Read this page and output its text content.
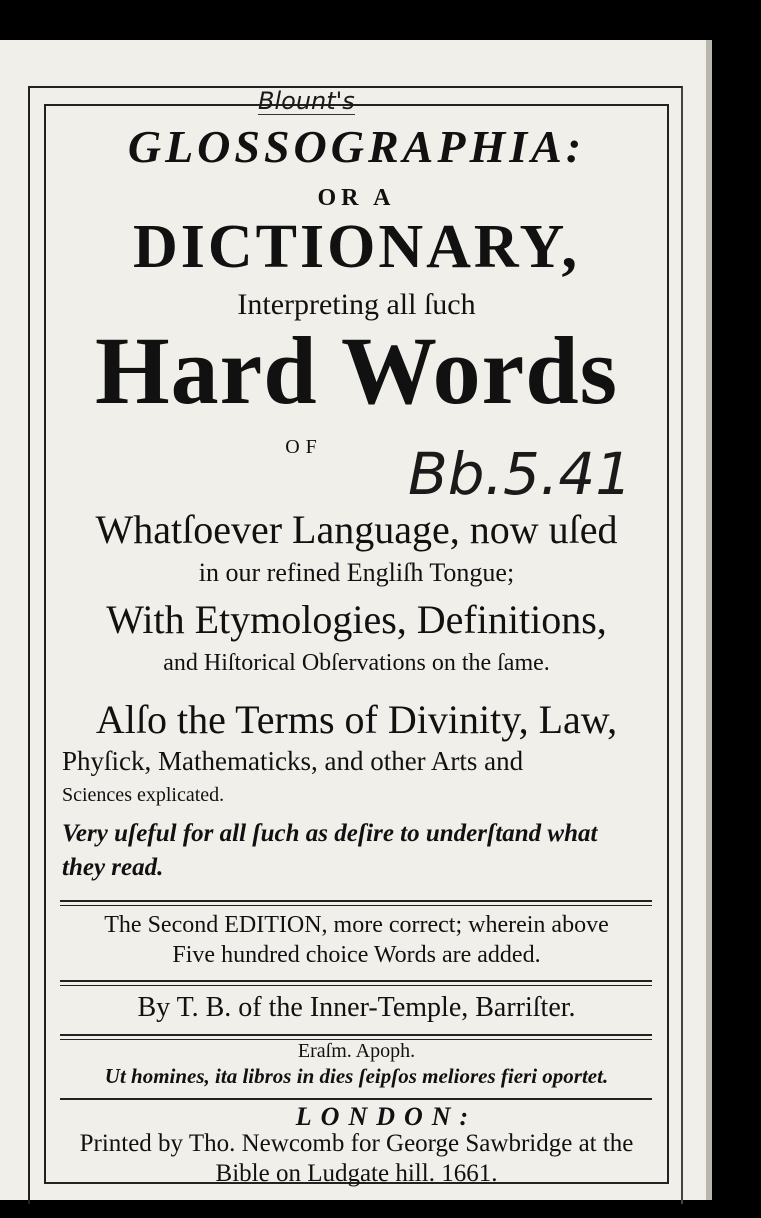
Blount's
GLOSSOGRAPHIA:
OR A
DICTIONARY,
Interpreting all ſuch
Hard Words
OF	Bb.5.41
Whatſoever Language, now uſed
in our refined Engliſh Tongue;
With Etymologies, Definitions,
and Hiſtorical Obſervations on the ſame.
Alſo the Terms of Divinity, Law,
Phyſick, Mathematicks, and other Arts and
Sciences explicated.
Very uſeful for all ſuch as deſire to underſtand what
they read.
The Second EDITION, more correct; wherein above
Five hundred choice Words are added.
By T. B. of the Inner-Temple, Barriſter.
Eraſm. Apoph.
Ut homines, ita libros in dies ſeipſos meliores fieri oportet.
LONDON:
Printed by Tho. Newcomb for George Sawbridge at the
Bible on Ludgate hill. 1661.
